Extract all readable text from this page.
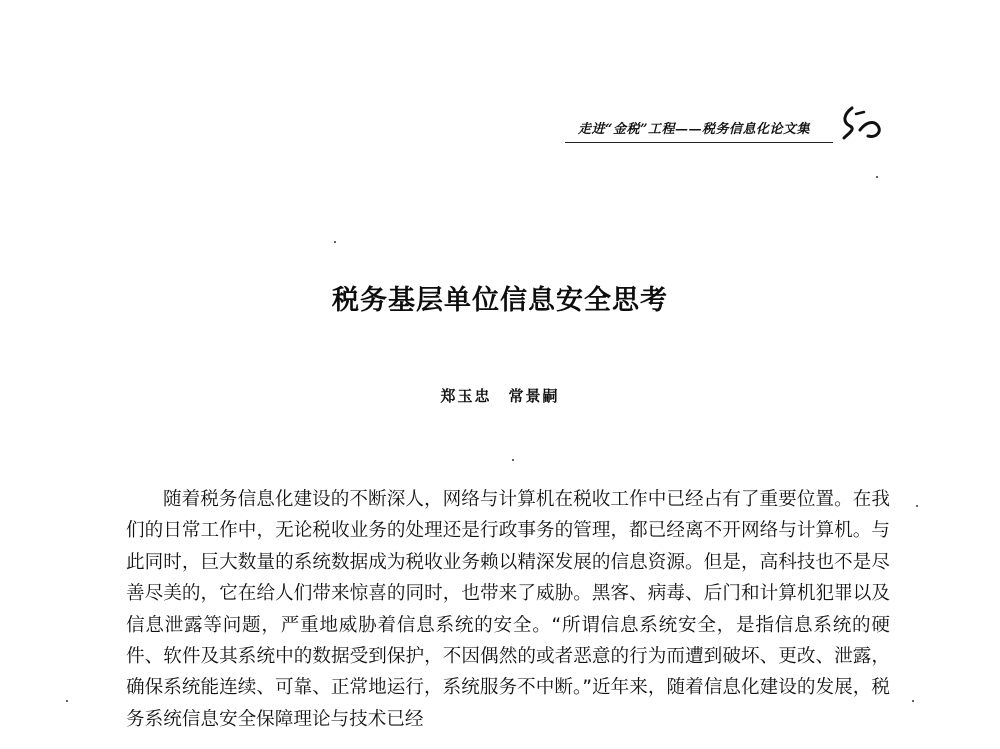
走进“金税”工程——税务信息化论文集
税务基层单位信息安全思考
郑玉忠　常景嗣

随着税务信息化建设的不断深人，网络与计算机在税收工作中已经占有了重要位置。在我们的日常工作中，无论税收业务的处理还是行政事务的管理，都已经离不开网络与计算机。与此同时，巨大数量的系统数据成为税收业务赖以精深发展的信息资源。但是，高科技也不是尽善尽美的，它在给人们带来惊喜的同时，也带来了威胁。黑客、病毒、后门和计算机犯罪以及信息泄露等问题，严重地威胁着信息系统的安全。“所谓信息系统安全，是指信息系统的硬件、软件及其系统中的数据受到保护，不因偶然的或者恶意的行为而遭到破坏、更改、泄露，确保系统能连续、可靠、正常地运行，系统服务不中断。”近年来，随着信息化建设的发展，税务系统信息安全保障理论与技术已经
